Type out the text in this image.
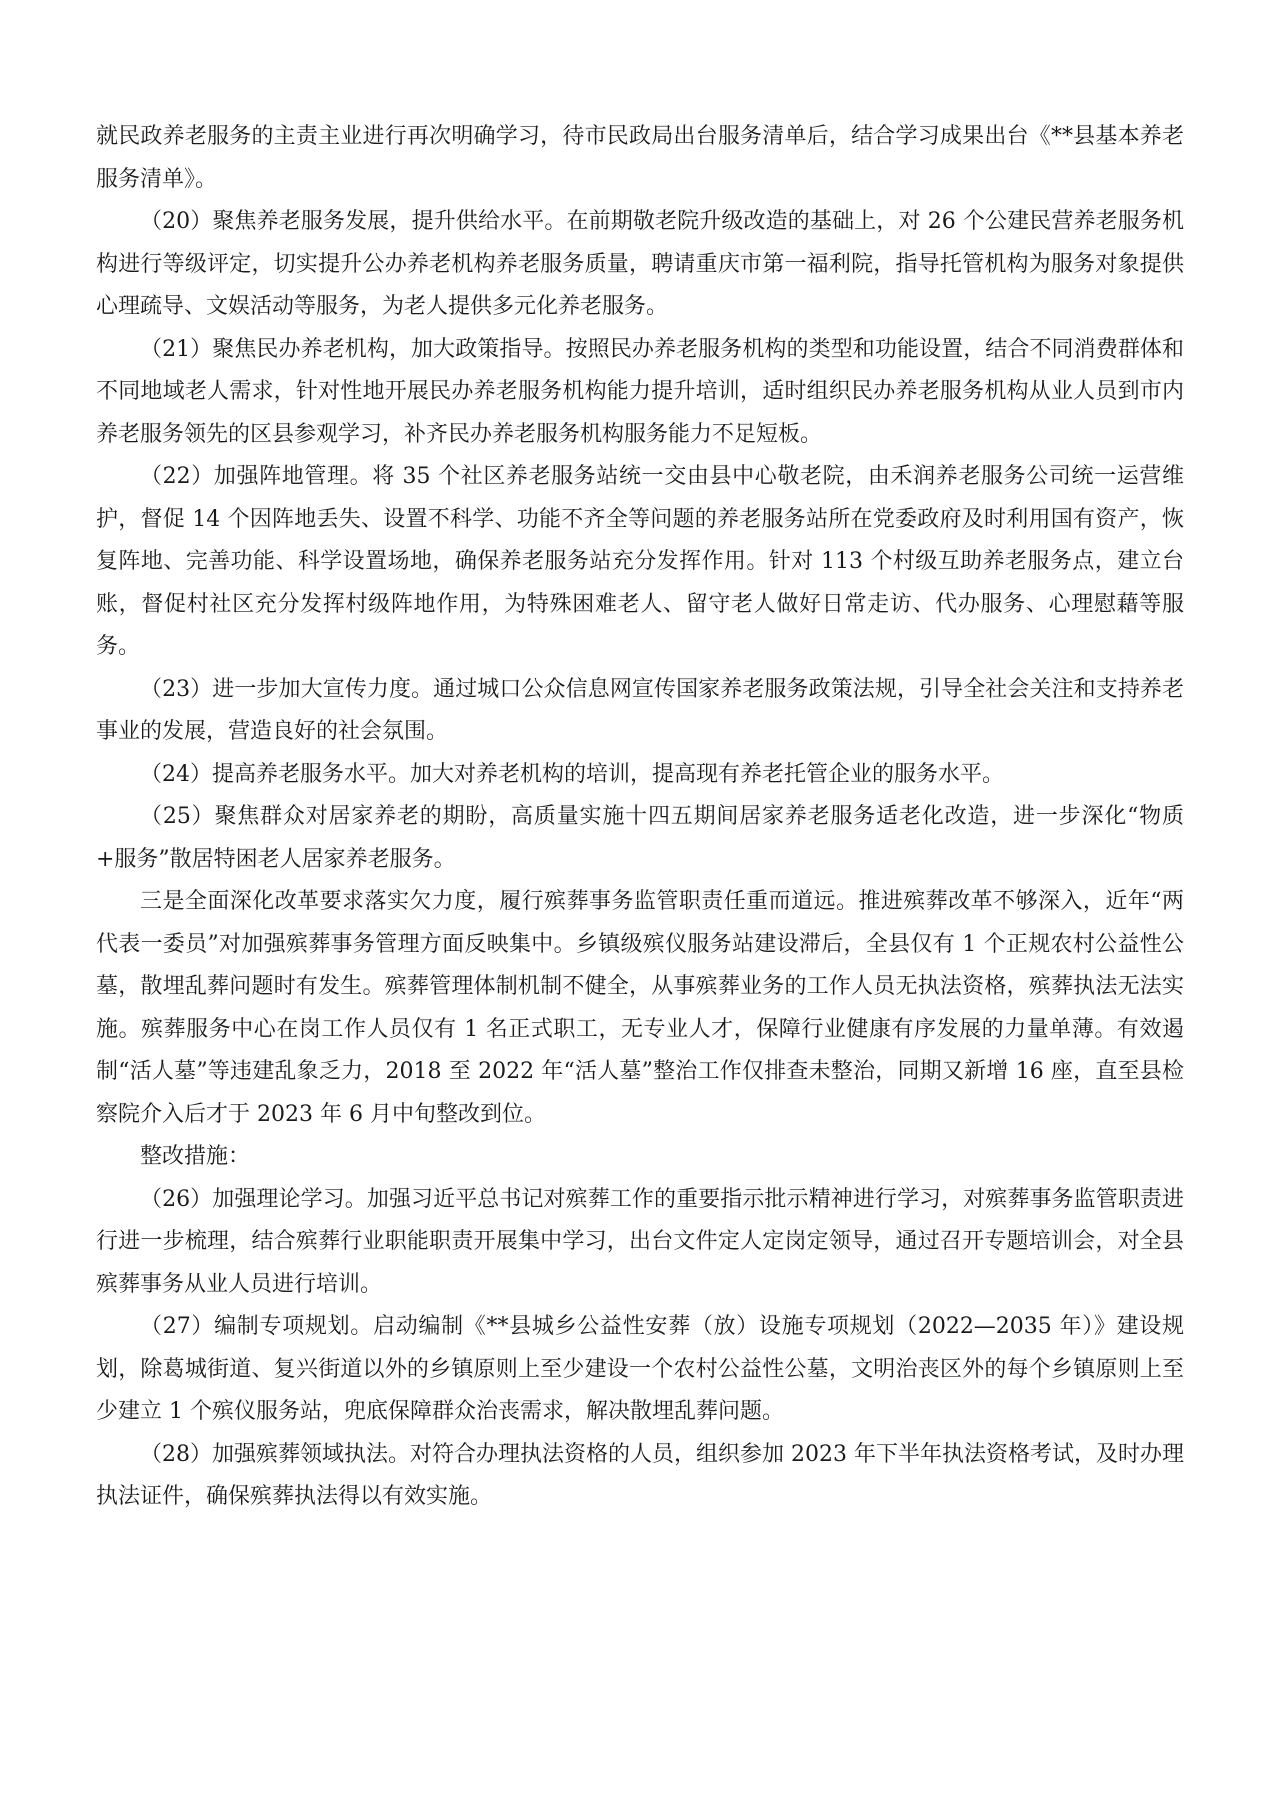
就民政养老服务的主责主业进行再次明确学习，待市民政局出台服务清单后，结合学习成果出台《**县基本养老服务清单》。

（20）聚焦养老服务发展，提升供给水平。在前期敬老院升级改造的基础上，对 26 个公建民营养老服务机构进行等级评定，切实提升公办养老机构养老服务质量，聘请重庆市第一福利院，指导托管机构为服务对象提供心理疏导、文娱活动等服务，为老人提供多元化养老服务。

（21）聚焦民办养老机构，加大政策指导。按照民办养老服务机构的类型和功能设置，结合不同消费群体和不同地域老人需求，针对性地开展民办养老服务机构能力提升培训，适时组织民办养老服务机构从业人员到市内养老服务领先的区县参观学习，补齐民办养老服务机构服务能力不足短板。

（22）加强阵地管理。将 35 个社区养老服务站统一交由县中心敬老院，由禾润养老服务公司统一运营维护，督促 14 个因阵地丢失、设置不科学、功能不齐全等问题的养老服务站所在党委政府及时利用国有资产，恢复阵地、完善功能、科学设置场地，确保养老服务站充分发挥作用。针对 113 个村级互助养老服务点，建立台账，督促村社区充分发挥村级阵地作用，为特殊困难老人、留守老人做好日常走访、代办服务、心理慰藉等服务。

（23）进一步加大宣传力度。通过城口公众信息网宣传国家养老服务政策法规，引导全社会关注和支持养老事业的发展，营造良好的社会氛围。

（24）提高养老服务水平。加大对养老机构的培训，提高现有养老托管企业的服务水平。

（25）聚焦群众对居家养老的期盼，高质量实施十四五期间居家养老服务适老化改造，进一步深化“物质+服务”散居特困老人居家养老服务。

三是全面深化改革要求落实欠力度，履行殡葬事务监管职责任重而道远。推进殡葬改革不够深入，近年“两代表一委员”对加强殡葬事务管理方面反映集中。乡镇级殡仪服务站建设滞后，全县仅有 1 个正规农村公益性公墓，散埋乱葬问题时有发生。殡葬管理体制机制不健全，从事殡葬业务的工作人员无执法资格，殡葬执法无法实施。殡葬服务中心在岗工作人员仅有 1 名正式职工，无专业人才，保障行业健康有序发展的力量单薄。有效遏制“活人墓”等违建乱象乏力，2018 至 2022 年“活人墓”整治工作仅排查未整治，同期又新增 16 座，直至县检察院介入后才于 2023 年 6 月中旬整改到位。

整改措施：

（26）加强理论学习。加强习近平总书记对殡葬工作的重要指示批示精神进行学习，对殡葬事务监管职责进行进一步梳理，结合殡葬行业职能职责开展集中学习，出台文件定人定岗定领导，通过召开专题培训会，对全县殡葬事务从业人员进行培训。

（27）编制专项规划。启动编制《**县城乡公益性安葬（放）设施专项规划（2022—2035 年）》建设规划，除葛城街道、复兴街道以外的乡镇原则上至少建设一个农村公益性公墓，文明治丧区外的每个乡镇原则上至少建立 1 个殡仪服务站，兜底保障群众治丧需求，解决散埋乱葬问题。

（28）加强殡葬领域执法。对符合办理执法资格的人员，组织参加 2023 年下半年执法资格考试，及时办理执法证件，确保殡葬执法得以有效实施。
